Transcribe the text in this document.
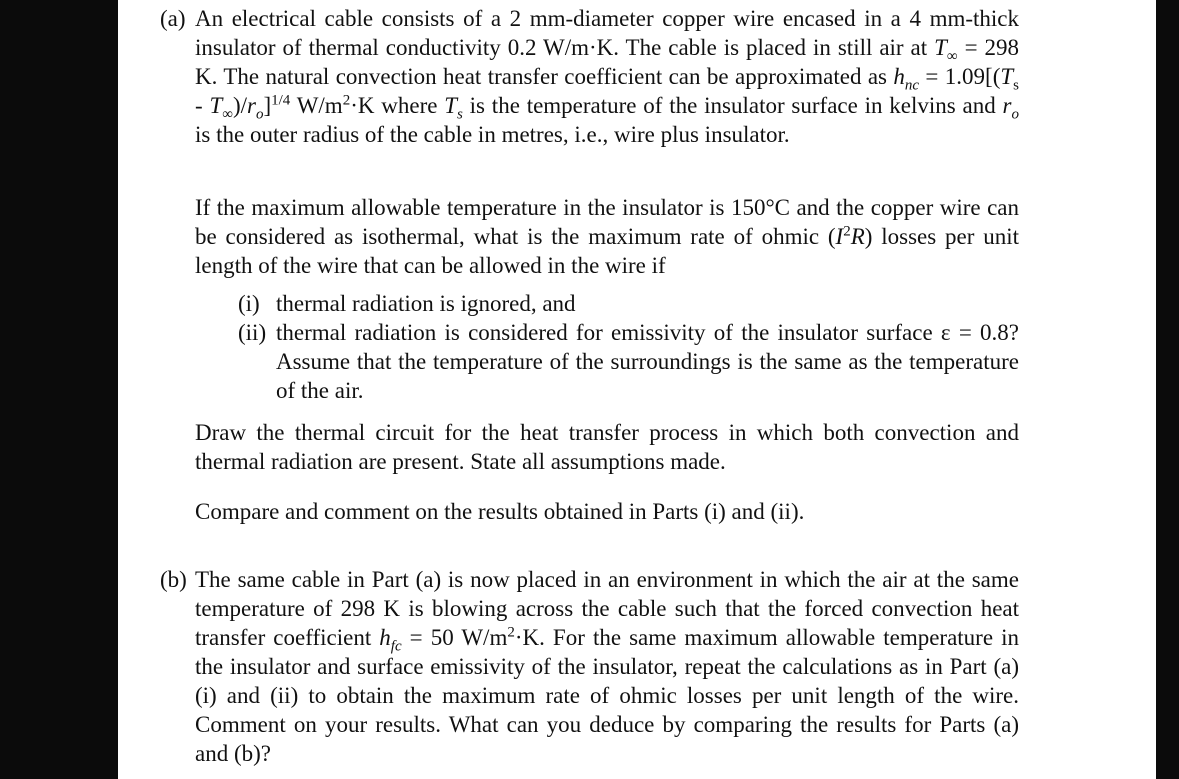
(a) An electrical cable consists of a 2 mm-diameter copper wire encased in a 4 mm-thick insulator of thermal conductivity 0.2 W/m·K. The cable is placed in still air at $T_\infty = 298$ K. The natural convection heat transfer coefficient can be approximated as $h_{nc} = 1.09[(T_s - T_\infty)/r_o]^{1/4}$ $W/m^2\cdot K$ where $T_s$ is the temperature of the insulator surface in kelvins and $r_o$ is the outer radius of the cable in metres, i.e., wire plus insulator.

If the maximum allowable temperature in the insulator is 150°C and the copper wire can be considered as isothermal, what is the maximum rate of ohmic $(I^2R)$ losses per unit length of the wire that can be allowed in the wire if

(i) thermal radiation is ignored, and

(ii) thermal radiation is considered for emissivity of the insulator surface ε = 0.8? Assume that the temperature of the surroundings is the same as the temperature of the air.

Draw the thermal circuit for the heat transfer process in which both convection and thermal radiation are present. State all assumptions made.

Compare and comment on the results obtained in Parts (i) and (ii).

(b) The same cable in Part (a) is now placed in an environment in which the air at the same temperature of 298 K is blowing across the cable such that the forced convection heat transfer coefficient $h_{fc} = 50$ $W/m^2\cdot K$. For the same maximum allowable temperature in the insulator and surface emissivity of the insulator, repeat the calculations as in Part (a) (i) and (ii) to obtain the maximum rate of ohmic losses per unit length of the wire. Comment on your results. What can you deduce by comparing the results for Parts (a) and (b)?
